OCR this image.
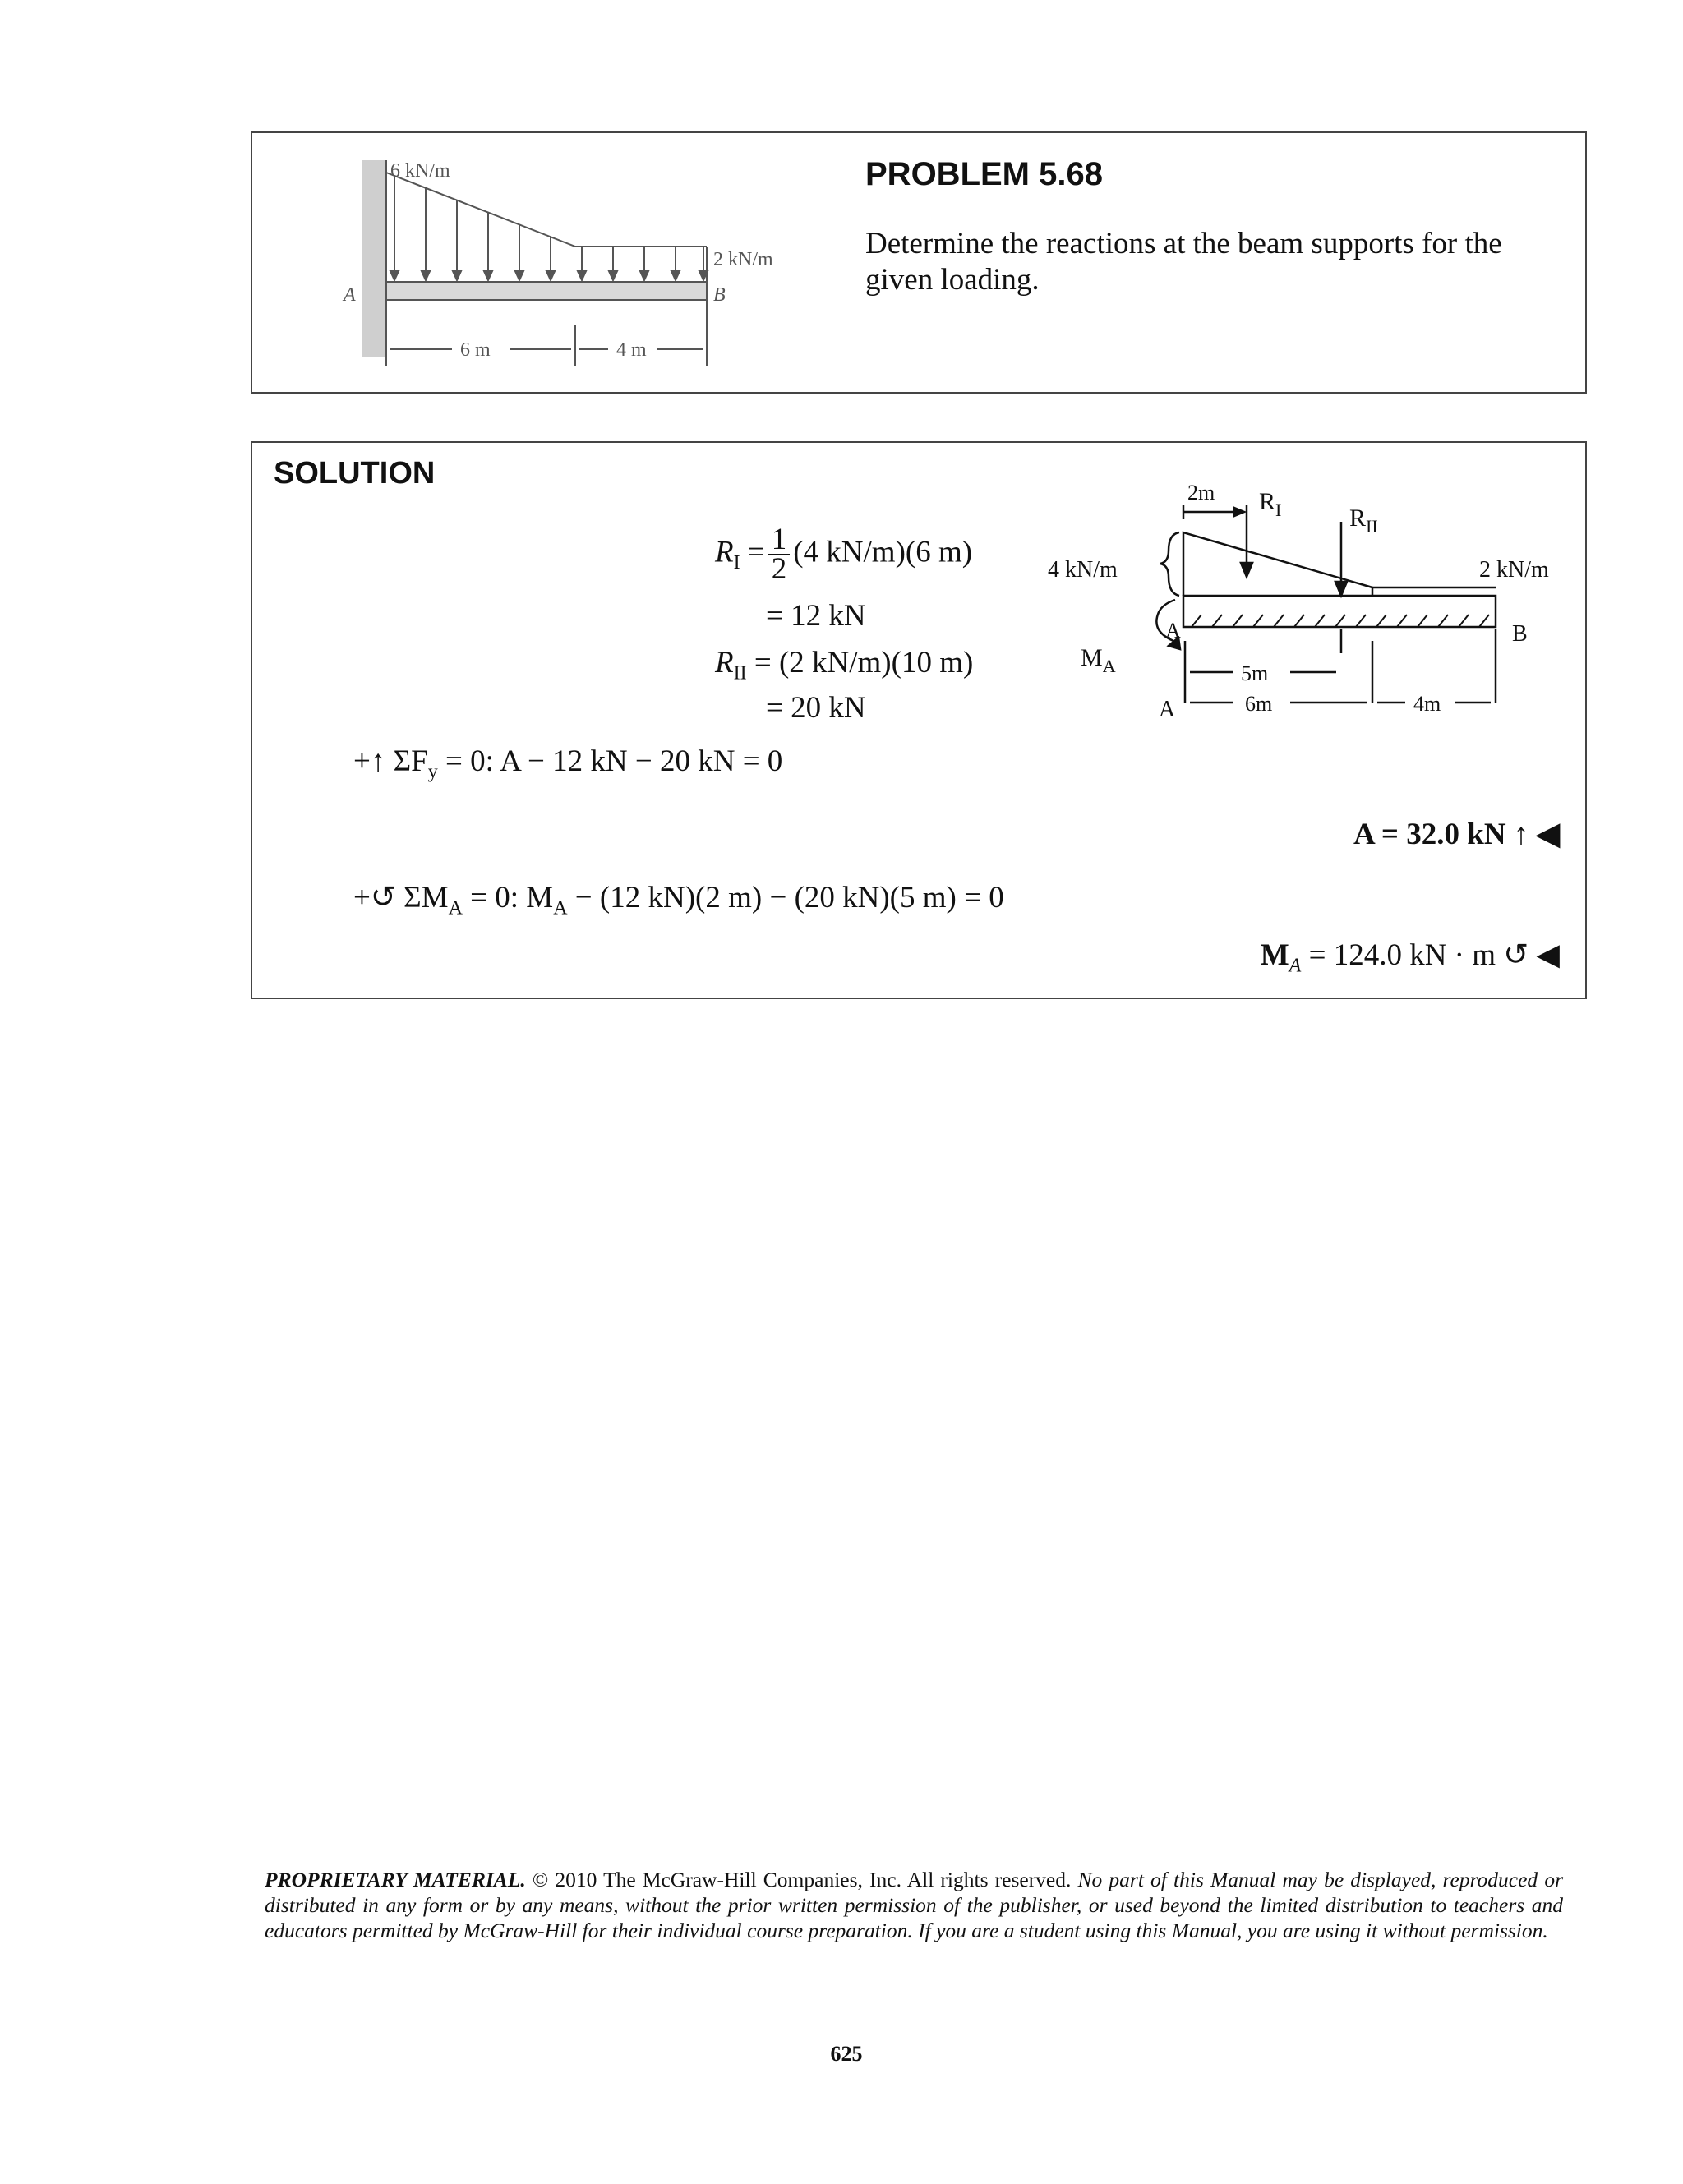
6 kN/m
2 kN/m
A	B
6 m	4 m
PROBLEM 5.68
Determine the reactions at the beam supports for the given loading.
SOLUTION
$R_I = \frac{1}{2} (4$ kN/m)(6 m)
= 12 kN
$R_{II} = (2$ kN/m)(10 m)
= 20 kN
+↑ $\Sigma F_y = 0$: A − 12 kN − 20 kN = 0
+↺ $\Sigma M_A = 0$: $M_A - (12$ kN)(2 m) − (20 kN)(5 m) = 0
A = 32.0 kN ↑ ◀
$M_A = 124.0$ kN · m ↺ ◀
2m $R_I$	$R_{II}$
4 kN/m	2 kN/m
A	B
$M_A$
A
5m
6m	4m
PROPRIETARY MATERIAL. © 2010 The McGraw-Hill Companies, Inc. All rights reserved. No part of this Manual may be displayed, reproduced or distributed in any form or by any means, without the prior written permission of the publisher, or used beyond the limited distribution to teachers and educators permitted by McGraw-Hill for their individual course preparation. If you are a student using this Manual, you are using it without permission.
625
